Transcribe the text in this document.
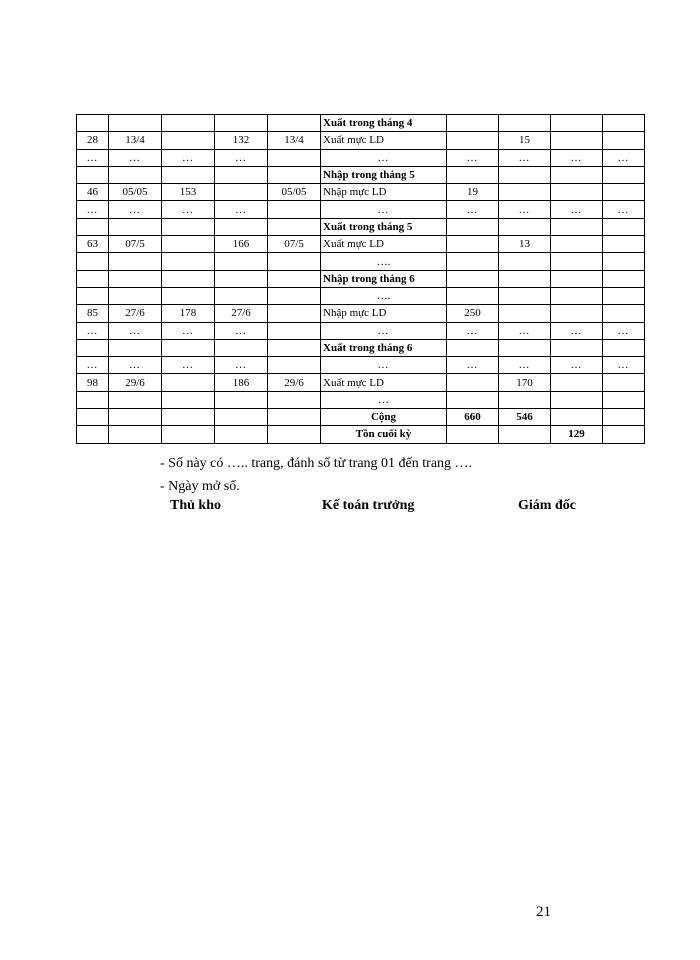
					Xuất trong tháng 4				
28	13/4		132	13/4	Xuất mực LD		15		
…	…	…	…		…	…	…	…	…
					Nhập trong tháng 5				
46	05/05	153		05/05	Nhập mực LD	19			
…	…	…	…		…	…	…	…	…
					Xuất trong tháng 5				
63	07/5		166	07/5	Xuất mực LD		13		
					….				
					Nhập trong tháng 6				
					….				
85	27/6	178	27/6		Nhập mực LD	250			
…	…	…	…		…	…	…	…	…
					Xuất trong tháng 6				
…	…	…	…		…	…	…	…	…
98	29/6		186	29/6	Xuất mực LD		170		
					…				
					Cộng	660	546		
					Tồn cuối kỳ			129	
- Sổ này có ….. trang, đánh số từ trang 01 đến trang ….
- Ngày mở sổ.
Thủ kho	Kế toán trưởng	Giám đốc
21
